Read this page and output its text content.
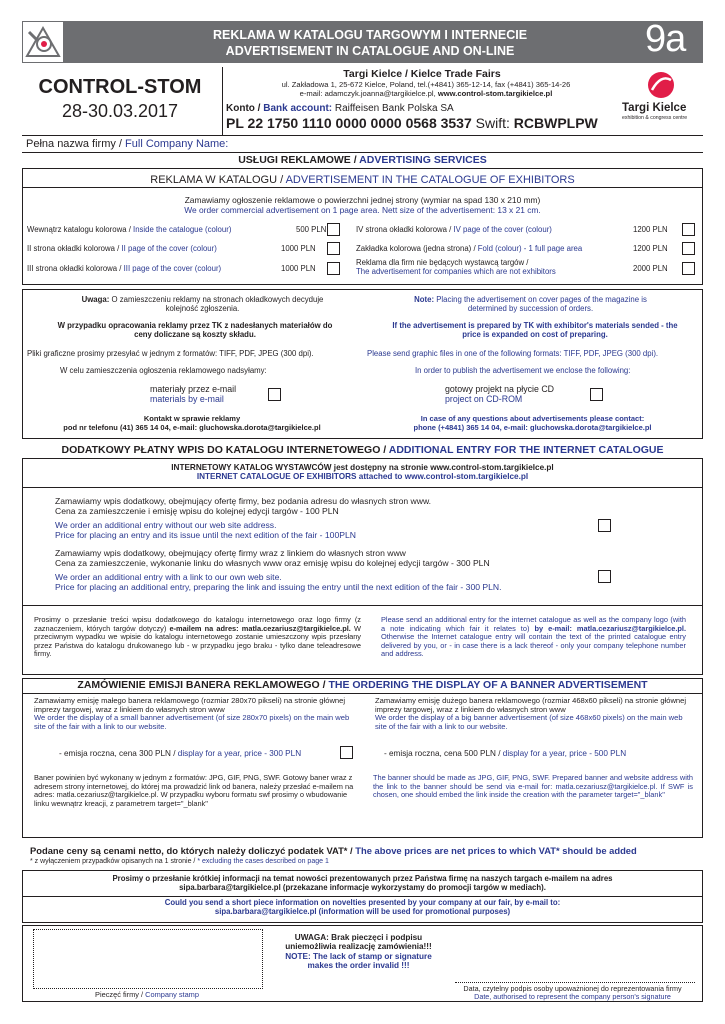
REKLAMA W KATALOGU TARGOWYM I INTERNECIE
ADVERTISEMENT IN CATALOGUE AND ON-LINE	9a
CONTROL-STOM
28-30.03.2017
Targi Kielce / Kielce Trade Fairs
ul. Zakładowa 1, 25-672 Kielce, Poland, tel.(+4841) 365-12-14, fax (+4841) 365-14-26
e-mail: adamczyk.joanna@targikielce.pl, www.control-stom.targikielce.pl
Konto / Bank account: Raiffeisen Bank Polska SA
PL 22 1750 1110 0000 0000 0568 3537 Swift: RCBWPLPW
Targi Kielce
exhibition & congress centre
Pełna nazwa firmy / Full Company Name:
USŁUGI REKLAMOWE / ADVERTISING SERVICES
REKLAMA W KATALOGU / ADVERTISEMENT IN THE CATALOGUE OF EXHIBITORS
Zamawiamy ogłoszenie reklamowe o powierzchni jednej strony (wymiar na spad 130 x 210 mm)
We order commercial advertisement on 1 page area. Nett size of the advertisement: 13 x 21 cm.
Wewnątrz katalogu kolorowa / Inside the catalogue (colour)	500 PLN
II strona okładki kolorowa / II page of the cover (colour)	1000 PLN
III strona okładki kolorowa / III page of the cover (colour)	1000 PLN
IV strona okładki kolorowa / IV page of the cover (colour)	1200 PLN
Zakładka kolorowa (jedna strona) / Fold (colour) - 1 full page area	1200 PLN
Reklama dla firm nie będących wystawcą targów /
The advertisement for companies which are not exhibitors	2000 PLN
Uwaga: O zamieszczeniu reklamy na stronach okładkowych decyduje kolejność zgłoszenia.
Note: Placing the advertisement on cover pages of the magazine is determined by succession of orders.
W przypadku opracowania reklamy przez TK z nadesłanych materiałów do ceny doliczane są koszty składu.
If the advertisement is prepared by TK with exhibitor's materials sended - the price is expanded on cost of preparing.
Pliki graficzne prosimy przesyłać w jednym z formatów: TIFF, PDF, JPEG (300 dpi).	Please send graphic files in one of the following formats: TIFF, PDF, JPEG (300 dpi).
W celu zamieszczenia ogłoszenia reklamowego nadsyłamy:	In order to publish the advertisement we enclose the following:
materiały przez e-mail
materials by e-mail
gotowy projekt na płycie CD
project on CD-ROM
Kontakt w sprawie reklamy
pod nr telefonu (41) 365 14 04, e-mail: gluchowska.dorota@targikielce.pl
In case of any questions about advertisements please contact:
phone (+4841) 365 14 04, e-mail: gluchowska.dorota@targikielce.pl
DODATKOWY PŁATNY WPIS DO KATALOGU INTERNETOWEGO / ADDITIONAL ENTRY FOR THE INTERNET CATALOGUE
INTERNETOWY KATALOG WYSTAWCÓW jest dostępny na stronie www.control-stom.targikielce.pl
INTERNET CATALOGUE OF EXHIBITORS attached to www.control-stom.targikielce.pl
Zamawiamy wpis dodatkowy, obejmujący ofertę firmy, bez podania adresu do własnych stron www.
Cena za zamieszczenie i emisję wpisu do kolejnej edycji targów - 100 PLN
We order an additional entry without our web site address.
Price for placing an entry and its issue until the next edition of the fair - 100PLN
Zamawiamy wpis dodatkowy, obejmujący ofertę firmy wraz z linkiem do własnych stron www
Cena za zamieszczenie, wykonanie linku do własnych www oraz emisję wpisu do kolejnej edycji targów - 300 PLN
We order an additional entry with a link to our own web site.
Price for placing an additional entry, preparing the link and issuing the entry until the next edition of the fair - 300 PLN.
Prosimy o przesłanie treści wpisu dodatkowego do katalogu internetowego oraz logo firmy (z zaznaczeniem, których targów dotyczy) e-mailem na adres: matla.cezariusz@targikielce.pl. W przeciwnym wypadku we wpisie do katalogu internetowego zostanie umieszczony wpis przesłany przez Państwa do katalogu drukowanego lub - w przypadku jego braku - tylko dane teleadresowe firmy.
Please send an additional entry for the internet catalogue as well as the company logo (with a note indicating which fair it relates to) by e-mail: matla.cezariusz@targikielce.pl. Otherwise the Internet catalogue entry will contain the text of the printed catalogue entry delivered by you, or - in case there is a lack thereof - only your company telephone number and address.
ZAMÓWIENIE EMISJI BANERA REKLAMOWEGO / THE ORDERING THE DISPLAY OF A BANNER ADVERTISEMENT
Zamawiamy emisję małego banera reklamowego (rozmiar 280x70 pikseli) na stronie głównej imprezy targowej, wraz z linkiem do własnych stron www
We order the display of a small banner advertisement (of size 280x70 pixels) on the main web site of the fair with a link to our website.
Zamawiamy emisję dużego banera reklamowego (rozmiar 468x60 pikseli) na stronie głównej imprezy targowej, wraz z linkiem do własnych stron www
We order the display of a big banner advertisement (of size 468x60 pixels) on the main web site of the fair with a link to our website.
- emisja roczna, cena 300 PLN / display for a year, price - 300 PLN	- emisja roczna, cena 500 PLN / display for a year, price - 500 PLN
Baner powinien być wykonany w jednym z formatów: JPG, GIF, PNG, SWF. Gotowy baner wraz z adresem strony internetowej, do której ma prowadzić link od banera, należy przesłać e-mailem na adres: matla.cezariusz@targikielce.pl. W przypadku wyboru formatu swf prosimy o wbudowanie linku wewnątrz kreacji, z parametrem target="_blank"
The banner should be made as JPG, GIF, PNG, SWF. Prepared banner and website address with the link to the banner should be send via e-mail for: matla.cezariusz@targikielce.pl. If SWF is chosen, one should embed the link inside the creation with the parameter target="_blank"
Podane ceny są cenami netto, do których należy doliczyć podatek VAT* / The above prices are net prices to which VAT* should be added
* z wyłączeniem przypadków opisanych na 1 stronie / * excluding the cases described on page 1
Prosimy o przesłanie krótkiej informacji na temat nowości prezentowanych przez Państwa firmę na naszych targach e-mailem na adres sipa.barbara@targikielce.pl (przekazane informacje wykorzystamy do promocji targów w mediach).
Could you send a short piece information on novelties presented by your company at our fair, by e-mail to: sipa.barbara@targikielce.pl (information will be used for promotional purposes)
Pieczęć firmy / Company stamp
UWAGA: Brak pieczęci i podpisu
uniemożliwia realizację zamówienia!!!
NOTE: The lack of stamp or signature
makes the order invalid !!!
Data, czytelny podpis osoby upoważnionej do reprezentowania firmy
Date, authorised to represent the company person's signature
